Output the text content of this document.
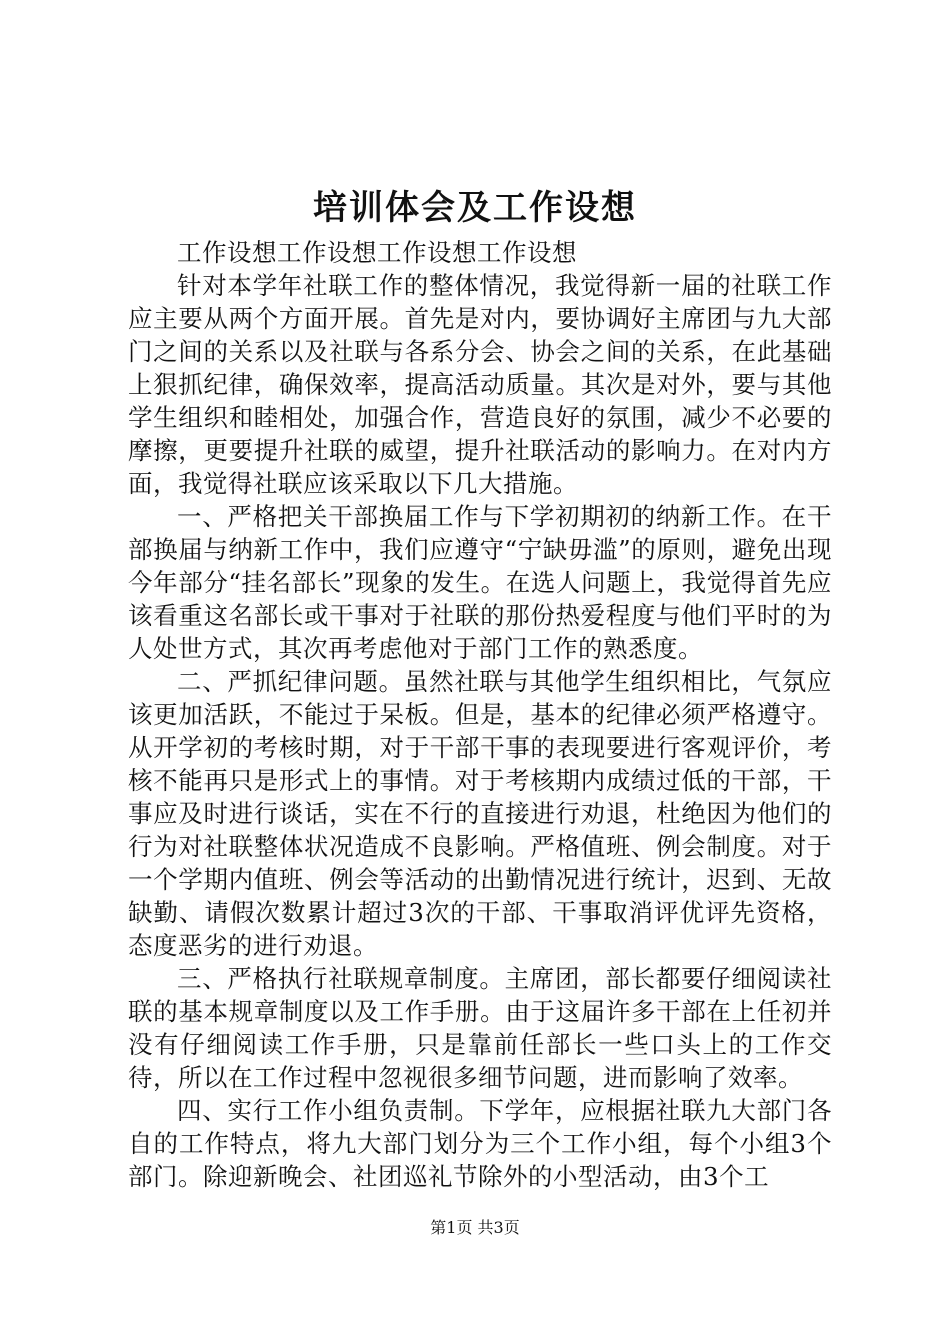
培训体会及工作设想

工作设想工作设想工作设想工作设想

针对本学年社联工作的整体情况，我觉得新一届的社联工作应主要从两个方面开展。首先是对内，要协调好主席团与九大部门之间的关系以及社联与各系分会、协会之间的关系，在此基础上狠抓纪律，确保效率，提高活动质量。其次是对外，要与其他学生组织和睦相处，加强合作，营造良好的氛围，减少不必要的摩擦，更要提升社联的威望，提升社联活动的影响力。在对内方面，我觉得社联应该采取以下几大措施。

一、严格把关干部换届工作与下学初期初的纳新工作。在干部换届与纳新工作中，我们应遵守“宁缺毋滥”的原则，避免出现今年部分“挂名部长”现象的发生。在选人问题上，我觉得首先应该看重这名部长或干事对于社联的那份热爱程度与他们平时的为人处世方式，其次再考虑他对于部门工作的熟悉度。

二、严抓纪律问题。虽然社联与其他学生组织相比，气氛应该更加活跃，不能过于呆板。但是，基本的纪律必须严格遵守。从开学初的考核时期，对于干部干事的表现要进行客观评价，考核不能再只是形式上的事情。对于考核期内成绩过低的干部，干事应及时进行谈话，实在不行的直接进行劝退，杜绝因为他们的行为对社联整体状况造成不良影响。严格值班、例会制度。对于一个学期内值班、例会等活动的出勤情况进行统计，迟到、无故缺勤、请假次数累计超过3次的干部、干事取消评优评先资格，态度恶劣的进行劝退。

三、严格执行社联规章制度。主席团，部长都要仔细阅读社联的基本规章制度以及工作手册。由于这届许多干部在上任初并没有仔细阅读工作手册，只是靠前任部长一些口头上的工作交待，所以在工作过程中忽视很多细节问题，进而影响了效率。

四、实行工作小组负责制。下学年，应根据社联九大部门各自的工作特点，将九大部门划分为三个工作小组，每个小组3个部门。除迎新晚会、社团巡礼节除外的小型活动，由3个工

第1页 共3页
